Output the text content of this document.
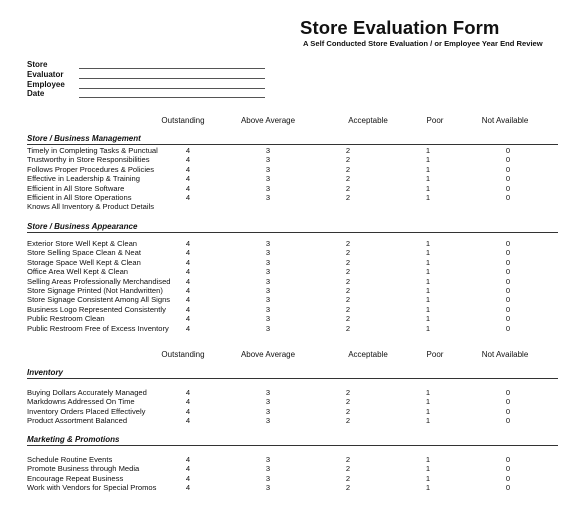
Store Evaluation Form
A Self Conducted Store Evaluation / or Employee Year End Review
Store
Evaluator
Employee
Date
Outstanding	Above Average	Acceptable	Poor	Not Available
Store / Business Management
Timely in Completing Tasks & Punctual	4	3	2	1	0
Trustworthy in Store Responsibilities	4	3	2	1	0
Follows Proper Procedures & Policies	4	3	2	1	0
Effective in Leadership & Training	4	3	2	1	0
Efficient in All Store Software	4	3	2	1	0
Efficient in All Store Operations	4	3	2	1	0
Knows All Inventory & Product Details
Store / Business Appearance
Exterior Store Well Kept & Clean	4	3	2	1	0
Store Selling Space Clean & Neat	4	3	2	1	0
Storage Space Well Kept & Clean	4	3	2	1	0
Office Area Well Kept & Clean	4	3	2	1	0
Selling Areas Professionally Merchandised 4	3	2	1	0
Store Signage Printed (Not Handwritten)	4	3	2	1	0
Store Signage Consistent Among All Signs 4	3	2	1	0
Business Logo Represented Consistently	4	3	2	1	0
Public Restroom Clean	4	3	2	1	0
Public Restroom Free of Excess Inventory 4	3	2	1	0
Outstanding	Above Average	Acceptable	Poor	Not Available
Inventory
Buying Dollars Accurately Managed	4	3	2	1	0
Markdowns Addressed On Time	4	3	2	1	0
Inventory Orders Placed Effectively	4	3	2	1	0
Product Assortment Balanced	4	3	2	1	0
Marketing & Promotions
Schedule Routine Events	4	3	2	1	0
Promote Business through Media	4	3	2	1	0
Encourage Repeat Business	4	3	2	1	0
Work with Vendors for Special Promos	4	3	2	1	0
